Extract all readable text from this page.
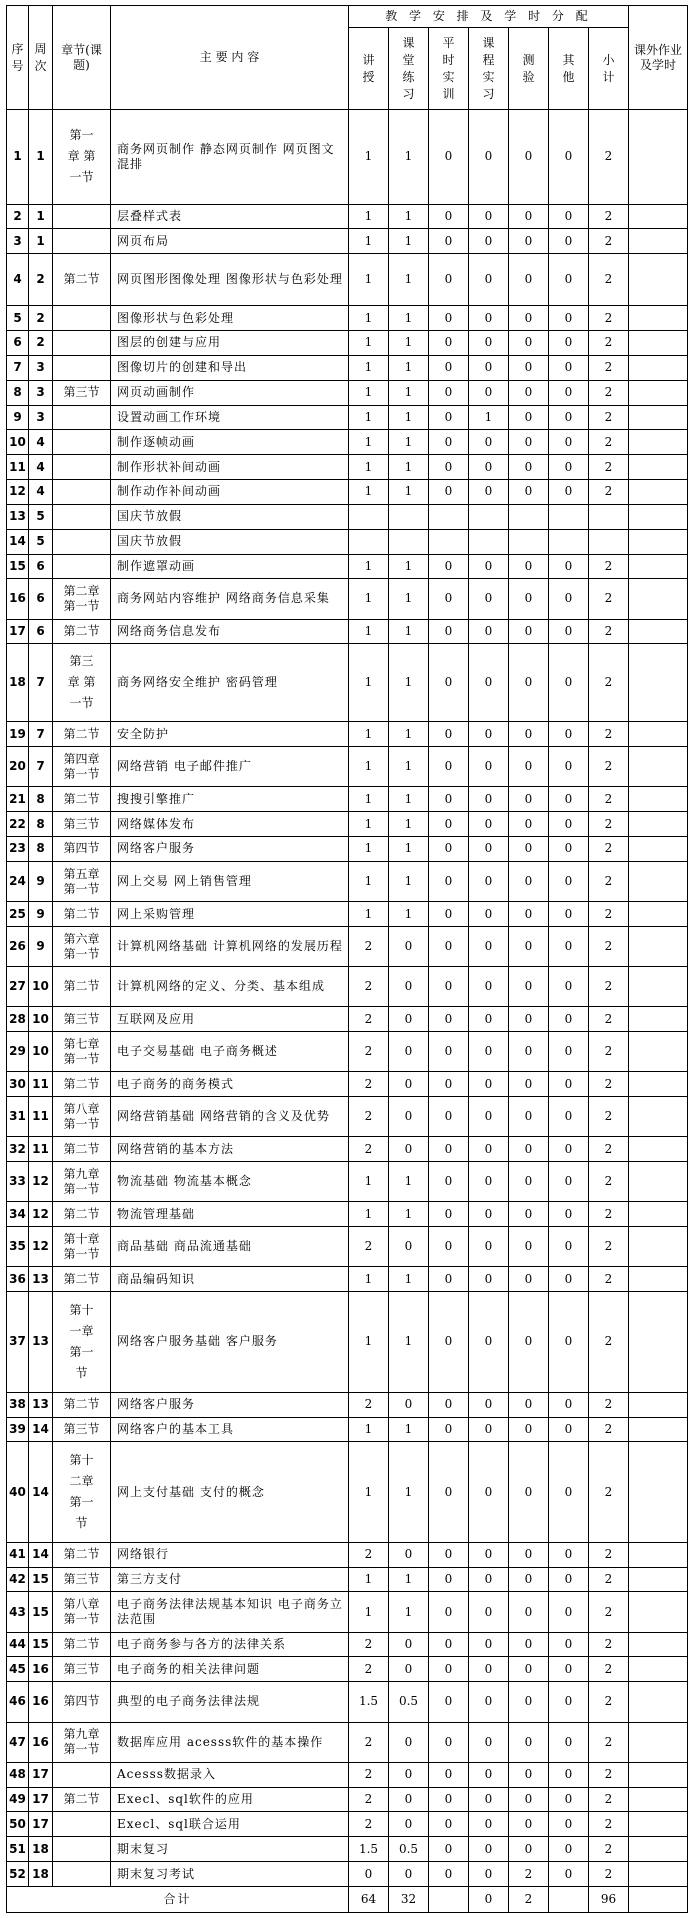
序号	周次	章节(课题)	主 要 内 容	教 学 安 排 及 学 时 分 配							课外作业及学时
				讲授	课堂练习	平时实训	课程实习	测验	其他	小计	
1	1	第一章 第一节	商务网页制作 静态网页制作 网页图文混排	1	1	0	0	0	0	2	
2	1		层叠样式表	1	1	0	0	0	0	2	
3	1		网页布局	1	1	0	0	0	0	2	
4	2	第二节	网页图形图像处理 图像形状与色彩处理	1	1	0	0	0	0	2	
5	2		图像形状与色彩处理	1	1	0	0	0	0	2	
6	2		图层的创建与应用	1	1	0	0	0	0	2	
7	3		图像切片的创建和导出	1	1	0	0	0	0	2	
8	3	第三节	网页动画制作	1	1	0	0	0	0	2	
9	3		设置动画工作环境	1	1	0	1	0	0	2	
10	4		制作逐帧动画	1	1	0	0	0	0	2	
11	4		制作形状补间动画	1	1	0	0	0	0	2	
12	4		制作动作补间动画	1	1	0	0	0	0	2	
13	5		国庆节放假								
14	5		国庆节放假								
15	6		制作遮罩动画	1	1	0	0	0	0	2	
16	6	第二章 第一节	商务网站内容维护 网络商务信息采集	1	1	0	0	0	0	2	
17	6	第二节	网络商务信息发布	1	1	0	0	0	0	2	
18	7	第三章 第一节	商务网络安全维护 密码管理	1	1	0	0	0	0	2	
19	7	第二节	安全防护	1	1	0	0	0	0	2	
20	7	第四章 第一节	网络营销 电子邮件推广	1	1	0	0	0	0	2	
21	8	第二节	搜搜引擎推广	1	1	0	0	0	0	2	
22	8	第三节	网络媒体发布	1	1	0	0	0	0	2	
23	8	第四节	网络客户服务	1	1	0	0	0	0	2	
24	9	第五章 第一节	网上交易 网上销售管理	1	1	0	0	0	0	2	
25	9	第二节	网上采购管理	1	1	0	0	0	0	2	
26	9	第六章 第一节	计算机网络基础 计算机网络的发展历程	2	0	0	0	0	0	2	
27	10	第二节	计算机网络的定义、分类、基本组成	2	0	0	0	0	0	2	
28	10	第三节	互联网及应用	2	0	0	0	0	0	2	
29	10	第七章 第一节	电子交易基础 电子商务概述	2	0	0	0	0	0	2	
30	11	第二节	电子商务的商务模式	2	0	0	0	0	0	2	
31	11	第八章 第一节	网络营销基础 网络营销的含义及优势	2	0	0	0	0	0	2	
32	11	第二节	网络营销的基本方法	2	0	0	0	0	0	2	
33	12	第九章 第一节	物流基础 物流基本概念	1	1	0	0	0	0	2	
34	12	第二节	物流管理基础	1	1	0	0	0	0	2	
35	12	第十章 第一节	商品基础 商品流通基础	2	0	0	0	0	0	2	
36	13	第二节	商品编码知识	1	1	0	0	0	0	2	
37	13	第十一章 第一节	网络客户服务基础 客户服务	1	1	0	0	0	0	2	
38	13	第二节	网络客户服务	2	0	0	0	0	0	2	
39	14	第三节	网络客户的基本工具	1	1	0	0	0	0	2	
40	14	第十二章 第一节	网上支付基础 支付的概念	1	1	0	0	0	0	2	
41	14	第二节	网络银行	2	0	0	0	0	0	2	
42	15	第三节	第三方支付	1	1	0	0	0	0	2	
43	15	第八章 第一节	电子商务法律法规基本知识 电子商务立法范围	1	1	0	0	0	0	2	
44	15	第二节	电子商务参与各方的法律关系	2	0	0	0	0	0	2	
45	16	第三节	电子商务的相关法律问题	2	0	0	0	0	0	2	
46	16	第四节	典型的电子商务法律法规	1.5	0.5	0	0	0	0	2	
47	16	第九章 第一节	数据库应用 acesss软件的基本操作	2	0	0	0	0	0	2	
48	17		Acesss数据录入	2	0	0	0	0	0	2	
49	17	第二节	Execl、sql软件的应用	2	0	0	0	0	0	2	
50	17		Execl、sql联合运用	2	0	0	0	0	0	2	
51	18		期末复习	1.5	0.5	0	0	0	0	2	
52	18		期末复习考试	0	0	0	0	2	0	2	
合计				64	32		0	2		96	
